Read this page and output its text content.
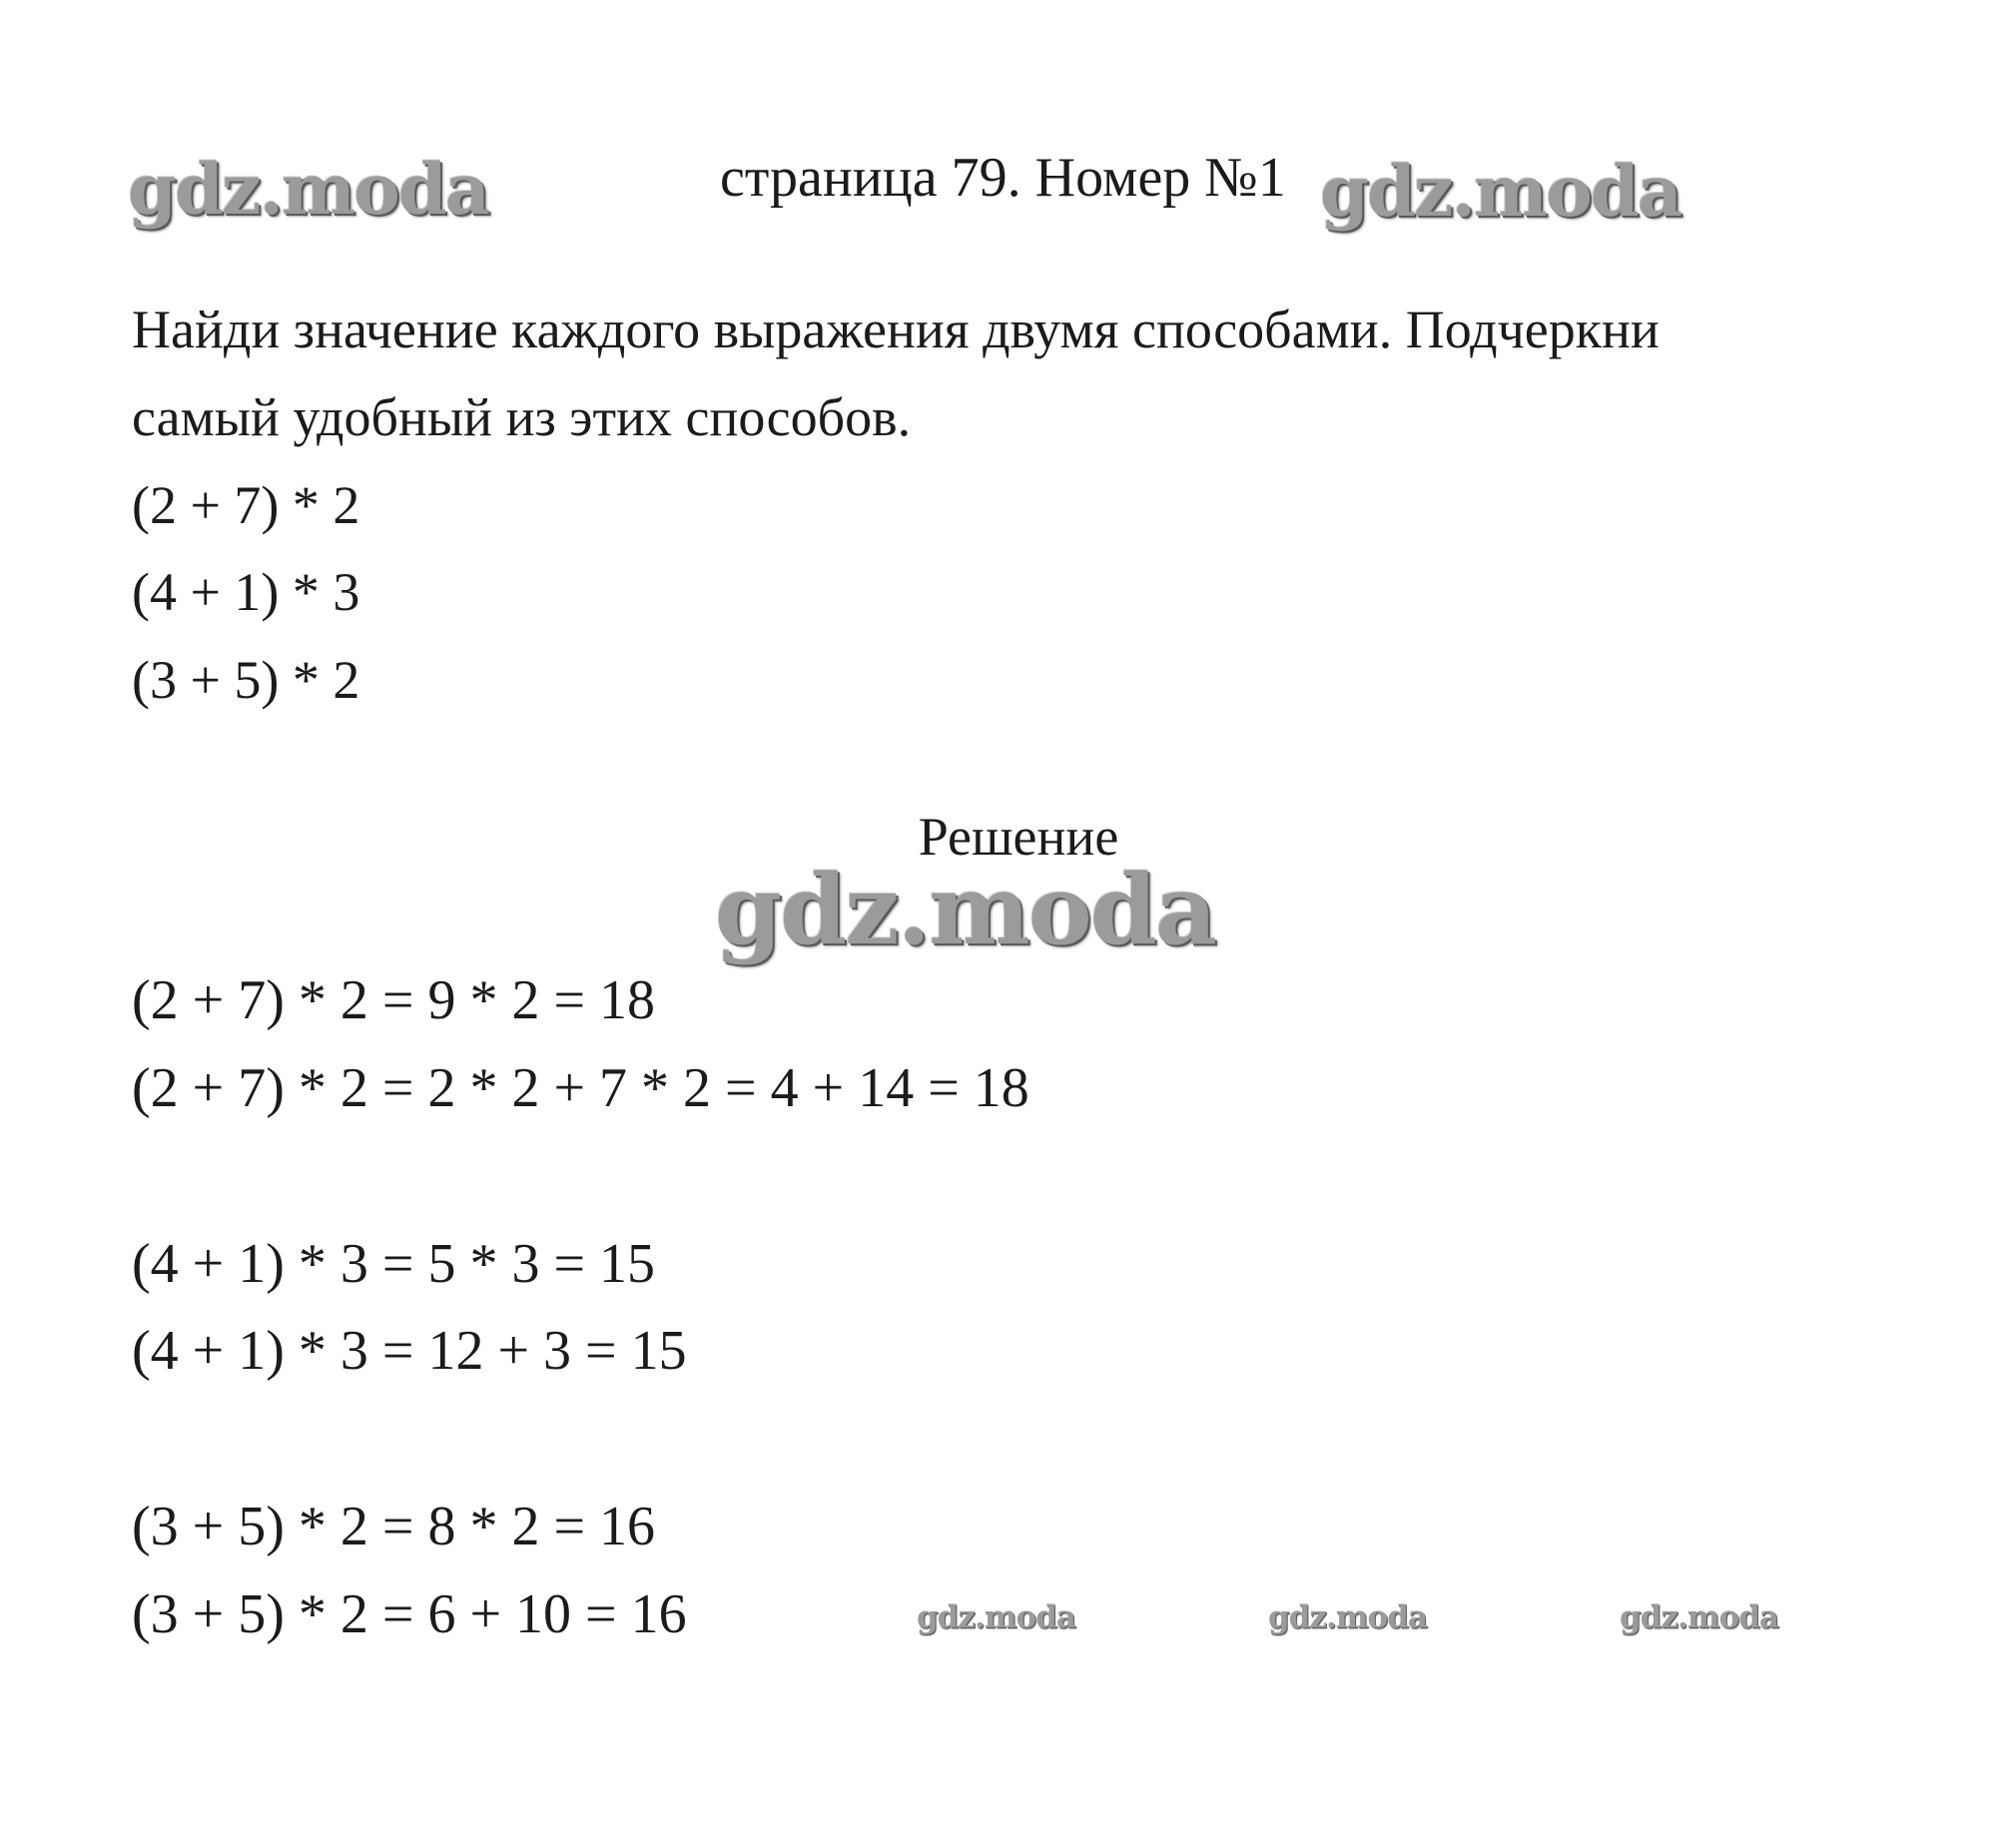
gdz.moda	gdz.moda
gdz.moda
gdz.moda	gdz.moda	gdz.moda
страница 79. Номер №1
Найди значение каждого выражения двумя способами. Подчеркни
самый удобный из этих способов.
(2 + 7) * 2
(4 + 1) * 3
(3 + 5) * 2
Решение
(2 + 7) * 2 = 9 * 2 = 18
(2 + 7) * 2 = 2 * 2 + 7 * 2 = 4 + 14 = 18
(4 + 1) * 3 = 5 * 3 = 15
(4 + 1) * 3 = 12 + 3 = 15
(3 + 5) * 2 = 8 * 2 = 16
(3 + 5) * 2 = 6 + 10 = 16
